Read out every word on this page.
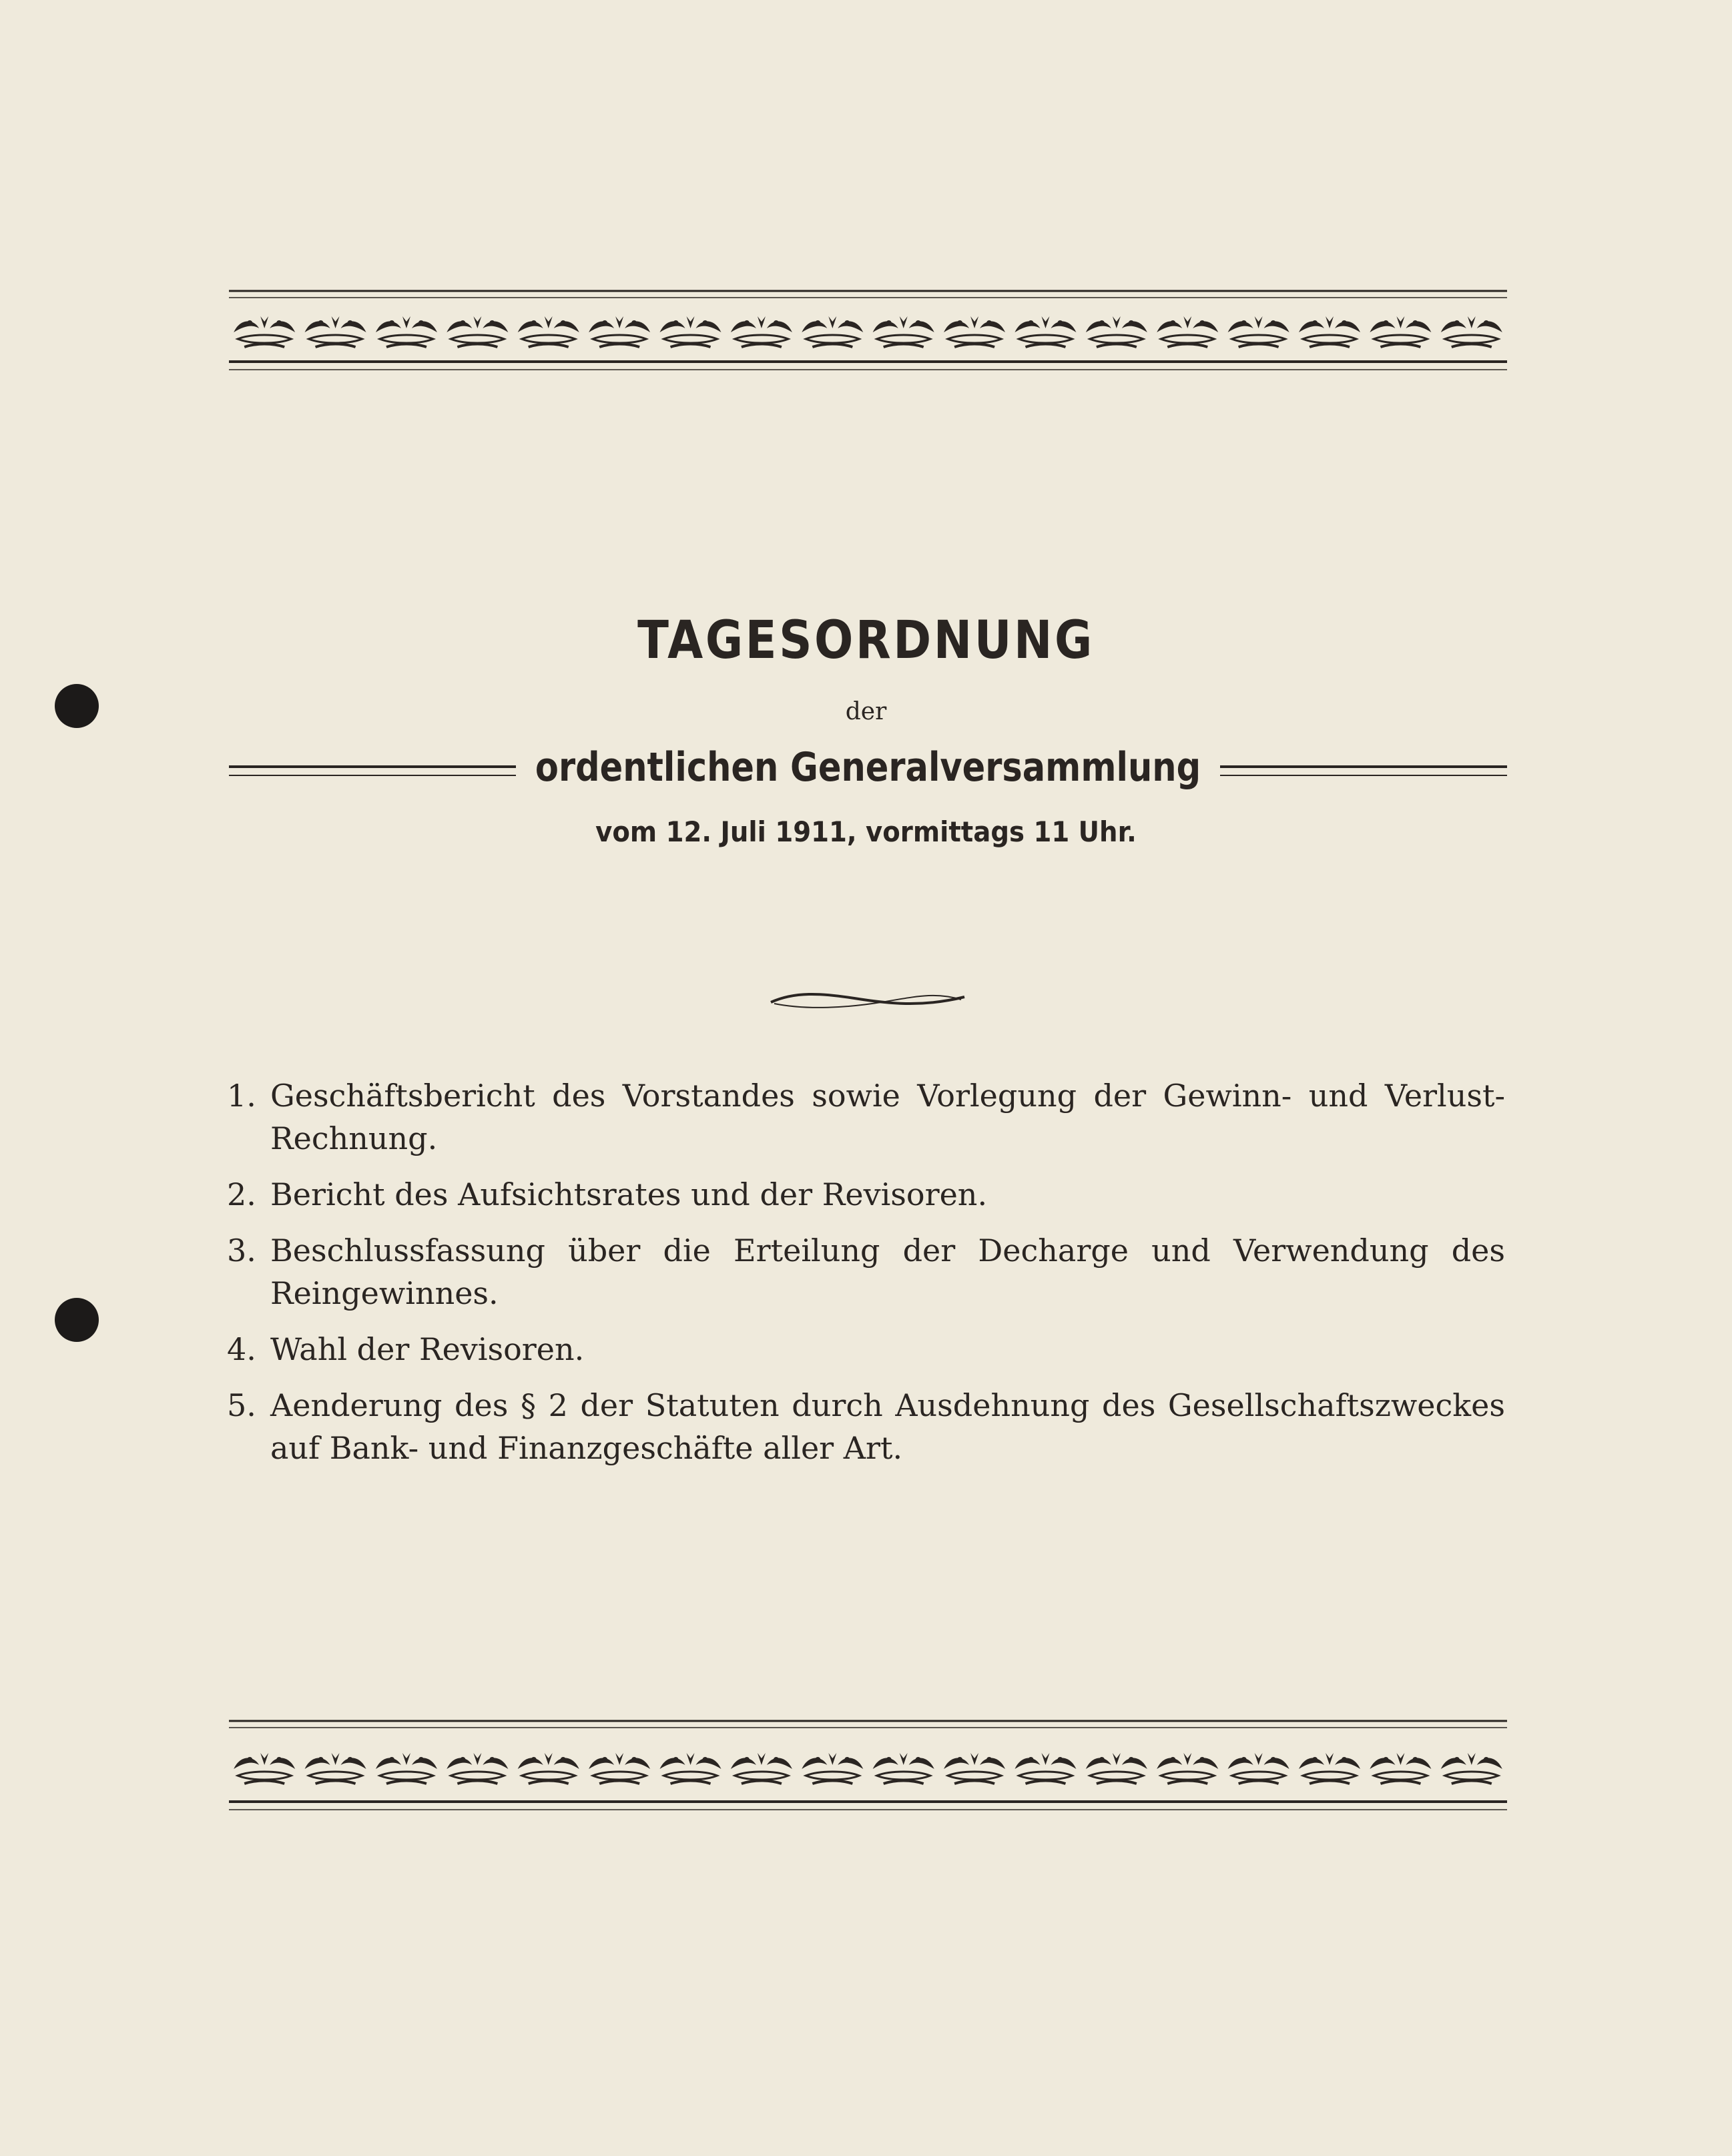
TAGESORDNUNG
der
ordentlichen Generalversammlung
vom 12. Juli 1911, vormittags 11 Uhr.
1. Geschäftsbericht des Vorstandes sowie Vorlegung der Gewinn- und Verlust-Rechnung.
2. Bericht des Aufsichtsrates und der Revisoren.
3. Beschlussfassung über die Erteilung der Decharge und Verwendung des Reingewinnes.
4. Wahl der Revisoren.
5. Aenderung des § 2 der Statuten durch Ausdehnung des Gesellschaftszweckes auf Bank- und Finanzgeschäfte aller Art.
